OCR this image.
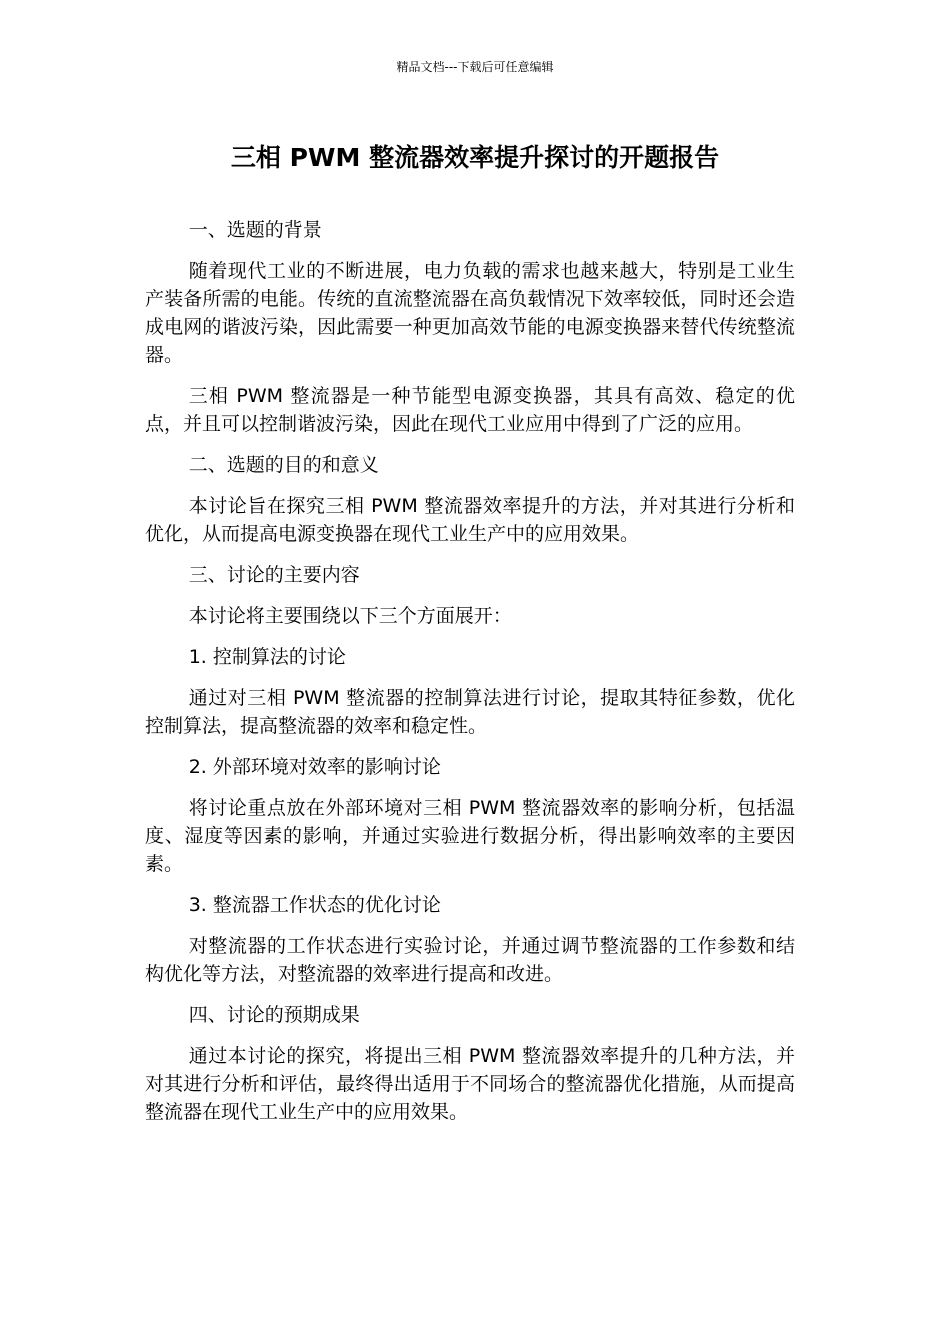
精品文档---下载后可任意编辑
三相 PWM 整流器效率提升探讨的开题报告

一、选题的背景

随着现代工业的不断进展，电力负载的需求也越来越大，特别是工业生产装备所需的电能。传统的直流整流器在高负载情况下效率较低，同时还会造成电网的谐波污染，因此需要一种更加高效节能的电源变换器来替代传统整流器。

三相 PWM 整流器是一种节能型电源变换器，其具有高效、稳定的优点，并且可以控制谐波污染，因此在现代工业应用中得到了广泛的应用。

二、选题的目的和意义

本讨论旨在探究三相 PWM 整流器效率提升的方法，并对其进行分析和优化，从而提高电源变换器在现代工业生产中的应用效果。

三、讨论的主要内容

本讨论将主要围绕以下三个方面展开：

1. 控制算法的讨论

通过对三相 PWM 整流器的控制算法进行讨论，提取其特征参数，优化控制算法，提高整流器的效率和稳定性。

2. 外部环境对效率的影响讨论

将讨论重点放在外部环境对三相 PWM 整流器效率的影响分析，包括温度、湿度等因素的影响，并通过实验进行数据分析，得出影响效率的主要因素。

3. 整流器工作状态的优化讨论

对整流器的工作状态进行实验讨论，并通过调节整流器的工作参数和结构优化等方法，对整流器的效率进行提高和改进。

四、讨论的预期成果

通过本讨论的探究，将提出三相 PWM 整流器效率提升的几种方法，并对其进行分析和评估，最终得出适用于不同场合的整流器优化措施，从而提高整流器在现代工业生产中的应用效果。
